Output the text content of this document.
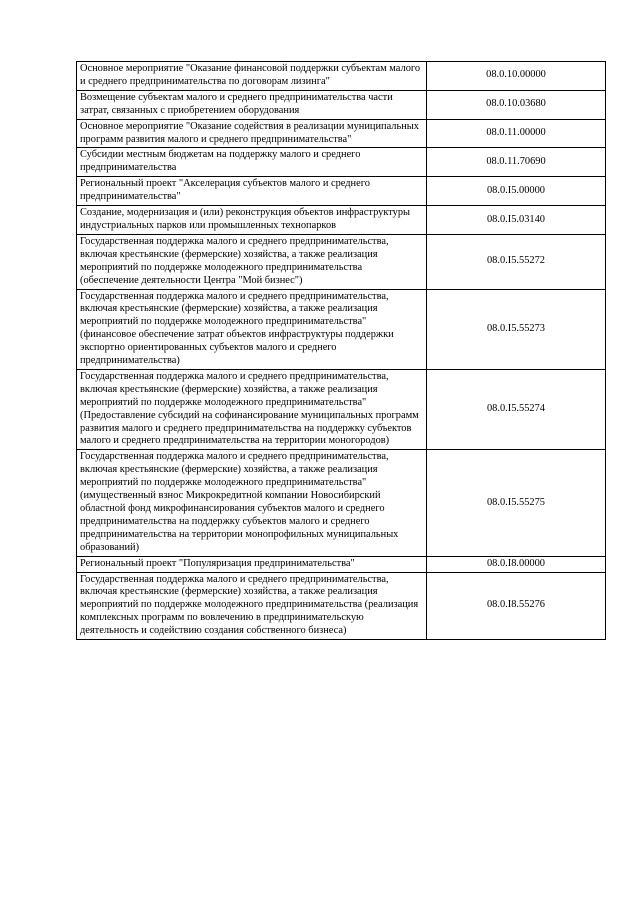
Основное мероприятие "Оказание финансовой поддержки субъектам малого и среднего предпринимательства по договорам лизинга"	08.0.10.00000
Возмещение субъектам малого и среднего предпринимательства части затрат, связанных с приобретением оборудования	08.0.10.03680
Основное мероприятие "Оказание содействия в реализации муниципальных программ развития малого и среднего предпринимательства"	08.0.11.00000
Субсидии местным бюджетам на поддержку малого и среднего предпринимательства	08.0.11.70690
Региональный проект "Акселерация субъектов малого и среднего предпринимательства"	08.0.I5.00000
Создание, модернизация и (или) реконструкция объектов инфраструктуры индустриальных парков или промышленных технопарков	08.0.I5.03140
Государственная поддержка малого и среднего предпринимательства, включая крестьянские (фермерские) хозяйства, а также реализация мероприятий по поддержке молодежного предпринимательства (обеспечение деятельности Центра "Мой бизнес")	08.0.I5.55272
Государственная поддержка малого и среднего предпринимательства, включая крестьянские (фермерские) хозяйства, а также реализация мероприятий по поддержке молодежного предпринимательства" (финансовое обеспечение затрат объектов инфраструктуры поддержки экспортно ориентированных субъектов малого и среднего предпринимательства)	08.0.I5.55273
Государственная поддержка малого и среднего предпринимательства, включая крестьянские (фермерские) хозяйства, а также реализация мероприятий по поддержке молодежного предпринимательства" (Предоставление субсидий на софинансирование муниципальных программ развития малого и среднего предпринимательства на поддержку субъектов малого и среднего предпринимательства на территории моногородов)	08.0.I5.55274
Государственная поддержка малого и среднего предпринимательства, включая крестьянские (фермерские) хозяйства, а также реализация мероприятий по поддержке молодежного предпринимательства" (имущественный взнос Микрокредитной компании Новосибирский областной фонд микрофинансирования субъектов малого и среднего предпринимательства на поддержку субъектов малого и среднего предпринимательства на территории монопрофильных муниципальных образований)	08.0.I5.55275
Региональный проект "Популяризация предпринимательства"	08.0.I8.00000
Государственная поддержка малого и среднего предпринимательства, включая крестьянские (фермерские) хозяйства, а также реализация мероприятий по поддержке молодежного предпринимательства (реализация комплексных программ по вовлечению в предпринимательскую деятельность и содействию создания собственного бизнеса)	08.0.I8.55276
